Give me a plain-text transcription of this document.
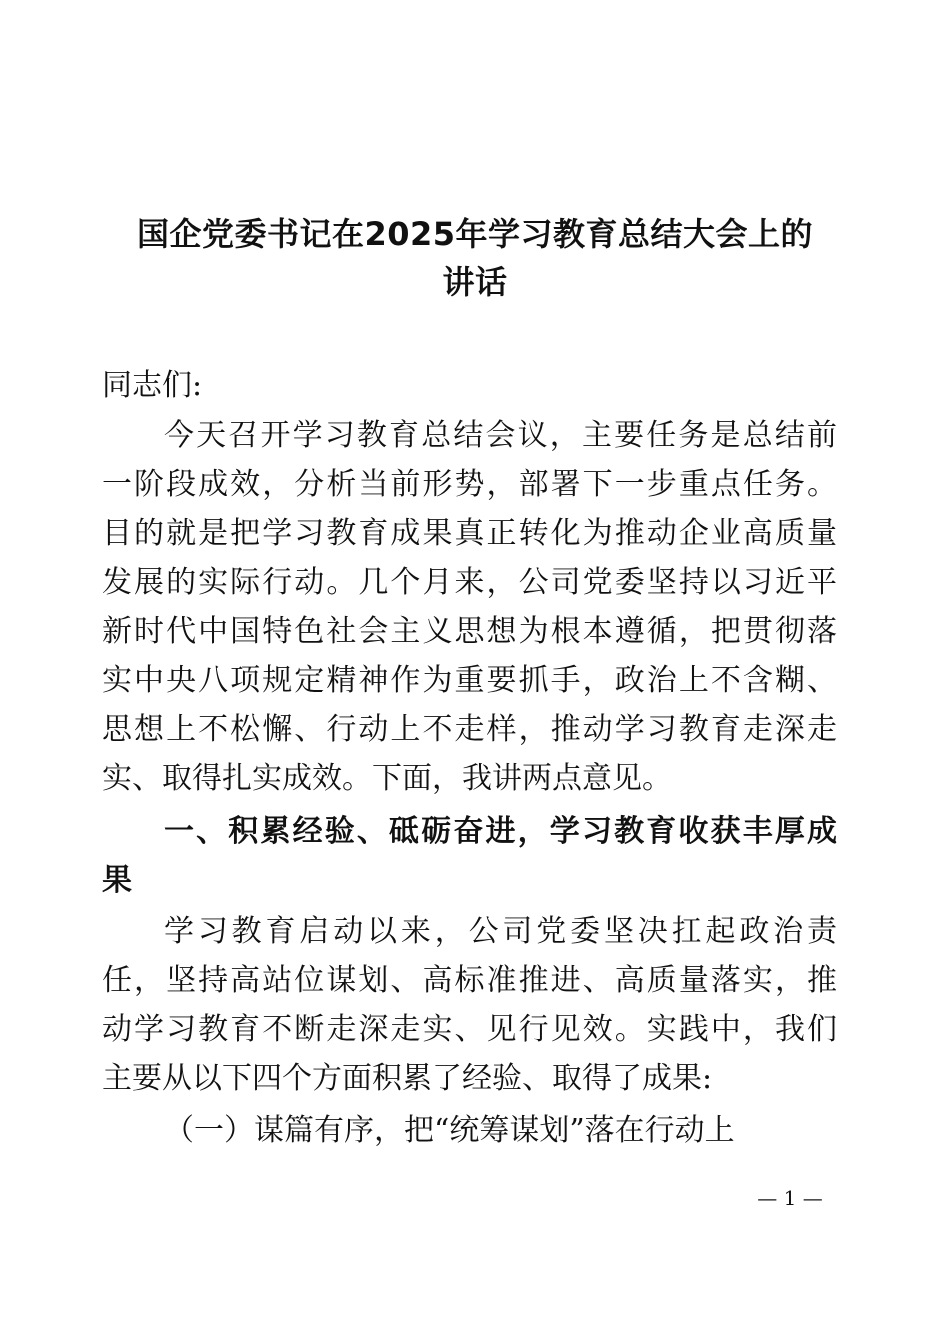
国企党委书记在2025年学习教育总结大会上的
讲话
同志们:
今天召开学习教育总结会议，主要任务是总结前
一阶段成效，分析当前形势，部署下一步重点任务。
目的就是把学习教育成果真正转化为推动企业高质量
发展的实际行动。几个月来，公司党委坚持以习近平
新时代中国特色社会主义思想为根本遵循，把贯彻落
实中央八项规定精神作为重要抓手，政治上不含糊、
思想上不松懈、行动上不走样，推动学习教育走深走
实、取得扎实成效。下面，我讲两点意见。
一、积累经验、砥砺奋进，学习教育收获丰厚成
果
学习教育启动以来，公司党委坚决扛起政治责
任，坚持高站位谋划、高标准推进、高质量落实，推
动学习教育不断走深走实、见行见效。实践中，我们
主要从以下四个方面积累了经验、取得了成果:
（一）谋篇有序，把“统筹谋划”落在行动上
— 1 —
